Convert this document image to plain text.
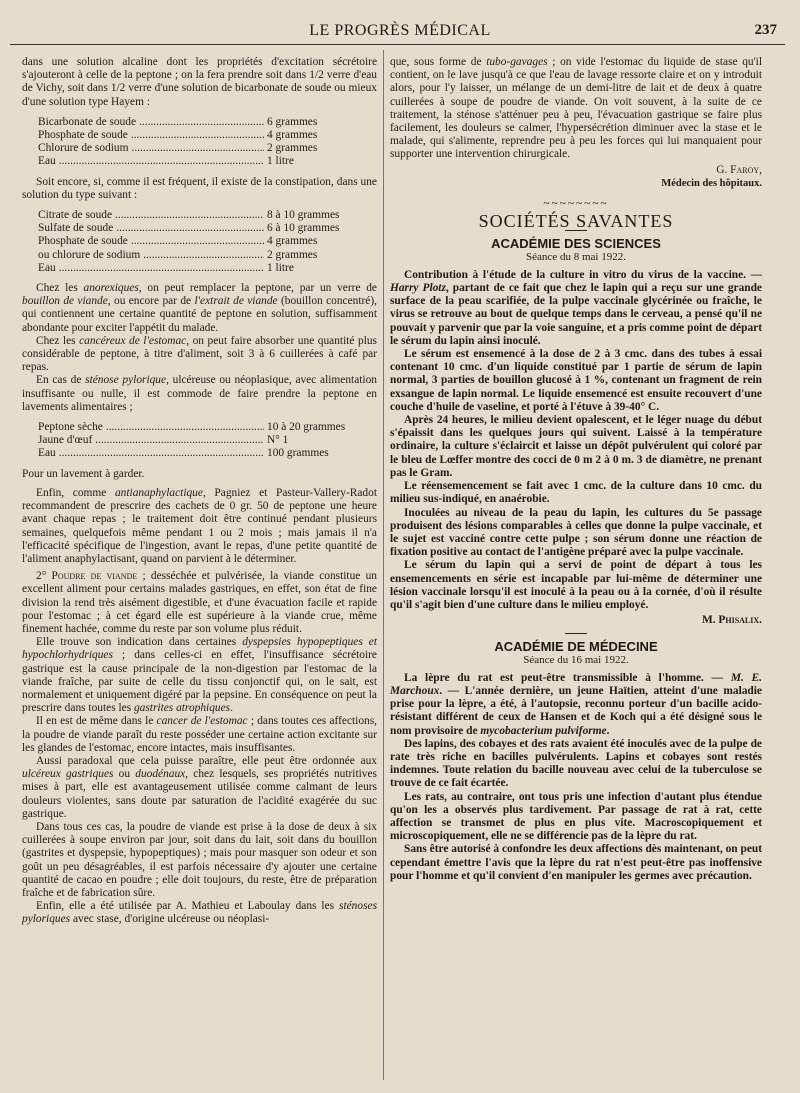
LE PROGRÈS MÉDICAL	237

dans une solution alcaline dont les propriétés d'excitation sécrétoire s'ajouteront à celle de la peptone ; on la fera prendre soit dans 1/2 verre d'eau de Vichy, soit dans 1/2 verre d'une solution de bicarbonate de soude ou mieux d'une solution type Hayem :

Bicarbonate de soude .....	6 grammes
Phosphate de soude .....	4 grammes
Chlorure de sodium .....	2 grammes
Eau .....	1 litre

Soit encore, si, comme il est fréquent, il existe de la constipation, dans une solution du type suivant :

Citrate de soude .....	8 à 10 grammes
Sulfate de soude .....	6 à 10 grammes
Phosphate de soude .....	4 grammes
ou chlorure de sodium .....	2 grammes
Eau .....	1 litre

Chez les anorexiques, on peut remplacer la peptone, par un verre de bouillon de viande, ou encore par de l'extrait de viande (bouillon concentré), qui contiennent une certaine quantité de peptone en solution, suffisamment abondante pour exciter l'appétit du malade.

Chez les cancéreux de l'estomac, on peut faire absorber une quantité plus considérable de peptone, à titre d'aliment, soit 3 à 6 cuillerées à café par repas.

En cas de sténose pylorique, ulcéreuse ou néoplasique, avec alimentation insuffisante ou nulle, il est commode de faire prendre la peptone en lavements alimentaires ;

Peptone sèche .....	10 à 20 grammes
Jaune d'œuf .....	N° 1
Eau .....	100 grammes

Pour un lavement à garder.

Enfin, comme antianaphylactique, Pagniez et Pasteur-Vallery-Radot recommandent de prescrire des cachets de 0 gr. 50 de peptone une heure avant chaque repas ; le traitement doit être continué pendant plusieurs semaines, quelquefois même pendant 1 ou 2 mois ; mais jamais il n'a l'efficacité spécifique de l'ingestion, avant le repas, d'une petite quantité de l'aliment anaphylactisant, quand on parvient à le déterminer.

2° Poudre de viande ; desséchée et pulvérisée, la viande constitue un excellent aliment pour certains malades gastriques, en effet, son état de fine division la rend très aisément digestible, et d'une évacuation facile et rapide pour l'estomac ; à cet égard elle est supérieure à la viande crue, même finement hachée, comme du reste par son volume plus réduit.

Elle trouve son indication dans certaines dyspepsies hypopeptiques et hypochlorhydriques ; dans celles-ci en effet, l'insuffisance sécrétoire gastrique est la cause principale de la non-digestion par l'estomac de la viande fraîche, par suite de celle du tissu conjonctif qui, on le sait, est normalement et uniquement digéré par la pepsine. En conséquence on peut la prescrire dans toutes les gastrites atrophiques.

Il en est de même dans le cancer de l'estomac ; dans toutes ces affections, la poudre de viande paraît du reste posséder une certaine action excitante sur les glandes de l'estomac, encore intactes, mais insuffisantes.

Aussi paradoxal que cela puisse paraître, elle peut être ordonnée aux ulcéreux gastriques ou duodénaux, chez lesquels, ses propriétés nutritives mises à part, elle est avantageusement utilisée comme calmant de leurs douleurs violentes, sans doute par saturation de l'acidité exagérée du suc gastrique.

Dans tous ces cas, la poudre de viande est prise à la dose de deux à six cuillerées à soupe environ par jour, soit dans du lait, soit dans du bouillon (gastrites et dyspepsie, hypopeptiques) ; mais pour masquer son odeur et son goût un peu désagréables, il est parfois nécessaire d'y ajouter une certaine quantité de cacao en poudre ; elle doit toujours, du reste, être de préparation fraîche et de fabrication sûre.

Enfin, elle a été utilisée par A. Mathieu et Laboulay dans les sténoses pyloriques avec stase, d'origine ulcéreuse ou néoplasi-

que, sous forme de tubo-gavages ; on vide l'estomac du liquide de stase qu'il contient, on le lave jusqu'à ce que l'eau de lavage ressorte claire et on y introduit alors, pour l'y laisser, un mélange de un demi-litre de lait et de deux à quatre cuillerées à soupe de poudre de viande. On voit souvent, à la suite de ce traitement, la sténose s'atténuer peu à peu, l'évacuation gastrique se faire plus facilement, les douleurs se calmer, l'hypersécrétion diminuer avec la stase et le malade, qui s'alimente, reprendre peu à peu les forces qui lui manquaient pour supporter une intervention chirurgicale.

G. Faroy,

Médecin des hôpitaux.

~~~~~~~~
SOCIÉTÉS SAVANTES
ACADÉMIE DES SCIENCES
Séance du 8 mai 1922.

Contribution à l'étude de la culture in vitro du virus de la vaccine. — Harry Plotz, partant de ce fait que chez le lapin qui a reçu sur une grande surface de la peau scarifiée, de la pulpe vaccinale glycérinée ou fraîche, le virus se retrouve au bout de quelque temps dans le cerveau, a pensé qu'il ne pouvait y parvenir que par la voie sanguine, et a pris comme point de départ le sérum du lapin ainsi inoculé.

Le sérum est ensemencé à la dose de 2 à 3 cmc. dans des tubes à essai contenant 10 cmc. d'un liquide constitué par 1 partie de sérum de lapin normal, 3 parties de bouillon glucosé à 1 %, contenant un fragment de rein exsangue de lapin normal. Le liquide ensemencé est ensuite recouvert d'une couche d'huile de vaseline, et porté à l'étuve à 39-40° C.

Après 24 heures, le milieu devient opalescent, et le léger nuage du début s'épaissit dans les quelques jours qui suivent. Laissé à la température ordinaire, la culture s'éclaircit et laisse un dépôt pulvérulent qui coloré par le bleu de Lœffer montre des cocci de 0 m 2 à 0 m. 3 de diamètre, ne prenant pas le Gram.

Le réensemencement se fait avec 1 cmc. de la culture dans 10 cmc. du milieu sus-indiqué, en anaérobie.

Inoculées au niveau de la peau du lapin, les cultures du 5e passage produisent des lésions comparables à celles que donne la pulpe vaccinale, et le sujet est vacciné contre cette pulpe ; son sérum donne une réaction de fixation positive au contact de l'antigène préparé avec la pulpe vaccinale.

Le sérum du lapin qui a servi de point de départ à tous les ensemencements en série est incapable par lui-même de déterminer une lésion vaccinale lorsqu'il est inoculé à la peau ou à la cornée, d'où il résulte qu'il s'agit bien d'une culture dans le milieu employé.

M. Phisalix.
ACADÉMIE DE MÉDECINE
Séance du 16 mai 1922.

La lèpre du rat est peut-être transmissible à l'homme. — M. E. Marchoux. — L'année dernière, un jeune Haïtien, atteint d'une maladie prise pour la lèpre, a été, à l'autopsie, reconnu porteur d'un bacille acido-résistant différent de ceux de Hansen et de Koch qui a été désigné sous le nom provisoire de mycobacterium pulviforme.

Des lapins, des cobayes et des rats avaient été inoculés avec de la pulpe de rate très riche en bacilles pulvérulents. Lapins et cobayes sont restés indemnes. Toute relation du bacille nouveau avec celui de la tuberculose se trouve de ce fait écartée.

Les rats, au contraire, ont tous pris une infection d'autant plus étendue qu'on les a observés plus tardivement. Par passage de rat à rat, cette affection se transmet de plus en plus vite. Macroscopiquement et microscopiquement, elle ne se différencie pas de la lèpre du rat.

Sans être autorisé à confondre les deux affections dès maintenant, on peut cependant émettre l'avis que la lèpre du rat n'est peut-être pas inoffensive pour l'homme et qu'il convient d'en manipuler les germes avec précaution.
